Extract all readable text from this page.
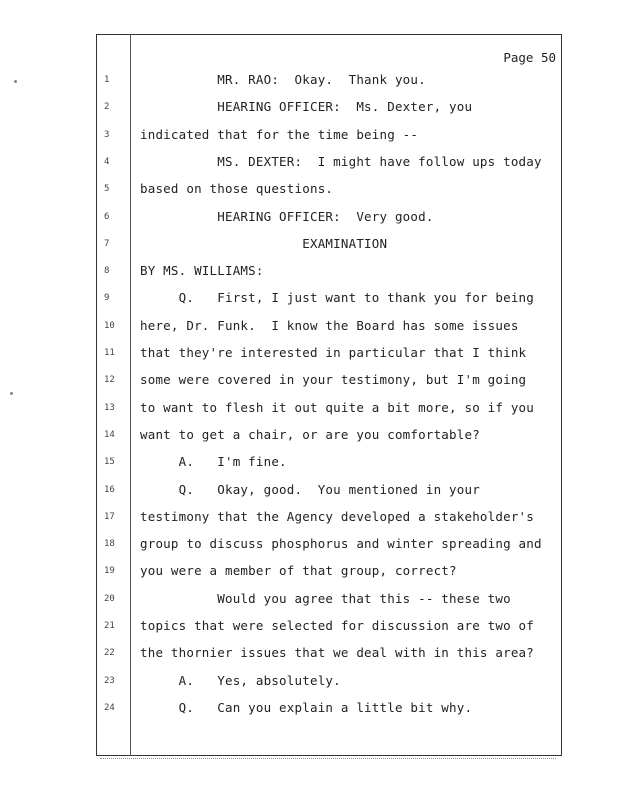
Page 50
1	MR. RAO:  Okay.  Thank you.
2	HEARING OFFICER:  Ms. Dexter, you
3	indicated that for the time being --
4	MS. DEXTER:  I might have follow ups today
5	based on those questions.
6	HEARING OFFICER:  Very good.
7	EXAMINATION
8	BY MS. WILLIAMS:
9	Q.   First, I just want to thank you for being
10	here, Dr. Funk.  I know the Board has some issues
11	that they're interested in particular that I think
12	some were covered in your testimony, but I'm going
13	to want to flesh it out quite a bit more, so if you
14	want to get a chair, or are you comfortable?
15	A.   I'm fine.
16	Q.   Okay, good.  You mentioned in your
17	testimony that the Agency developed a stakeholder's
18	group to discuss phosphorus and winter spreading and
19	you were a member of that group, correct?
20	Would you agree that this -- these two
21	topics that were selected for discussion are two of
22	the thornier issues that we deal with in this area?
23	A.   Yes, absolutely.
24	Q.   Can you explain a little bit why.
